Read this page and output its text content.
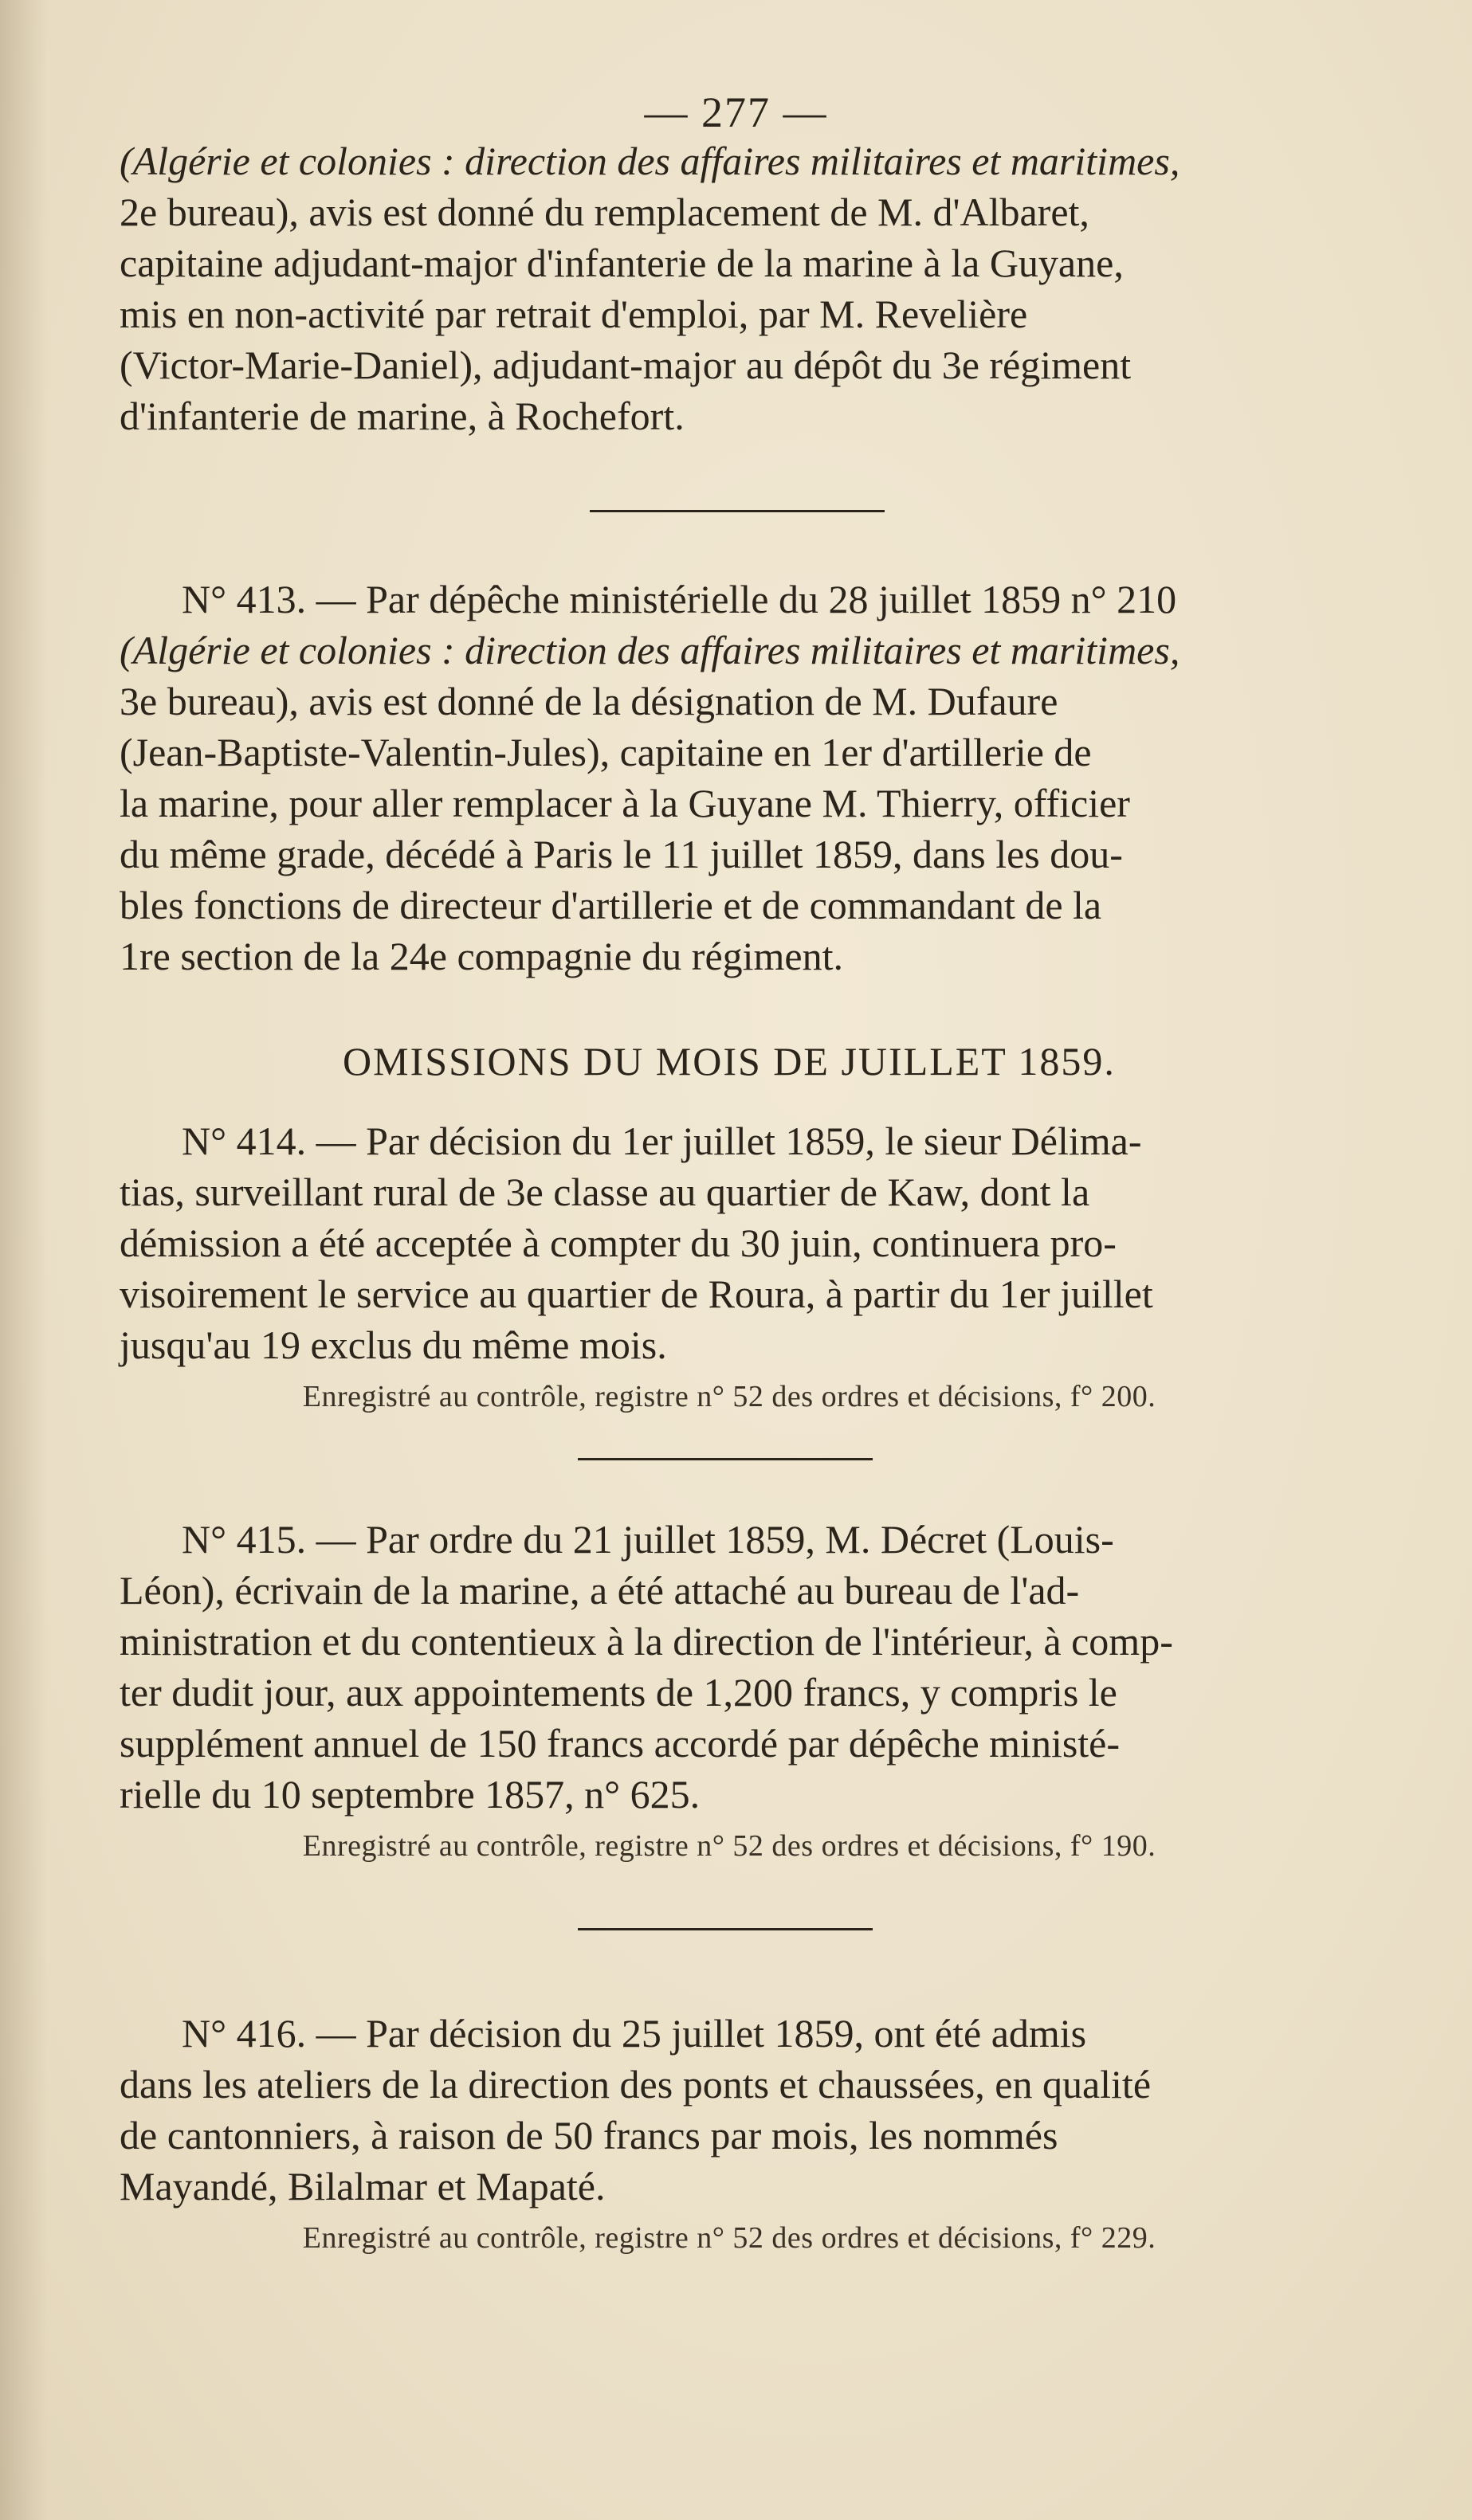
— 277 —

(Algérie et colonies : direction des affaires militaires et maritimes,

2e bureau), avis est donné du remplacement de M. d'Albaret,

capitaine adjudant-major d'infanterie de la marine à la Guyane,

mis en non-activité par retrait d'emploi, par M. Revelière

(Victor-Marie-Daniel), adjudant-major au dépôt du 3e régiment

d'infanterie de marine, à Rochefort.

N° 413. — Par dépêche ministérielle du 28 juillet 1859 n° 210

(Algérie et colonies : direction des affaires militaires et maritimes,

3e bureau), avis est donné de la désignation de M. Dufaure

(Jean-Baptiste-Valentin-Jules), capitaine en 1er d'artillerie de

la marine, pour aller remplacer à la Guyane M. Thierry, officier

du même grade, décédé à Paris le 11 juillet 1859, dans les dou-

bles fonctions de directeur d'artillerie et de commandant de la

1re section de la 24e compagnie du régiment.

OMISSIONS DU MOIS DE JUILLET 1859.

N° 414. — Par décision du 1er juillet 1859, le sieur Délima-

tias, surveillant rural de 3e classe au quartier de Kaw, dont la

démission a été acceptée à compter du 30 juin, continuera pro-

visoirement le service au quartier de Roura, à partir du 1er juillet

jusqu'au 19 exclus du même mois.

Enregistré au contrôle, registre n° 52 des ordres et décisions, f° 200.

N° 415. — Par ordre du 21 juillet 1859, M. Décret (Louis-

Léon), écrivain de la marine, a été attaché au bureau de l'ad-

ministration et du contentieux à la direction de l'intérieur, à comp-

ter dudit jour, aux appointements de 1,200 francs, y compris le

supplément annuel de 150 francs accordé par dépêche ministé-

rielle du 10 septembre 1857, n° 625.

Enregistré au contrôle, registre n° 52 des ordres et décisions, f° 190.

N° 416. — Par décision du 25 juillet 1859, ont été admis

dans les ateliers de la direction des ponts et chaussées, en qualité

de cantonniers, à raison de 50 francs par mois, les nommés

Mayandé, Bilalmar et Mapaté.

Enregistré au contrôle, registre n° 52 des ordres et décisions, f° 229.
